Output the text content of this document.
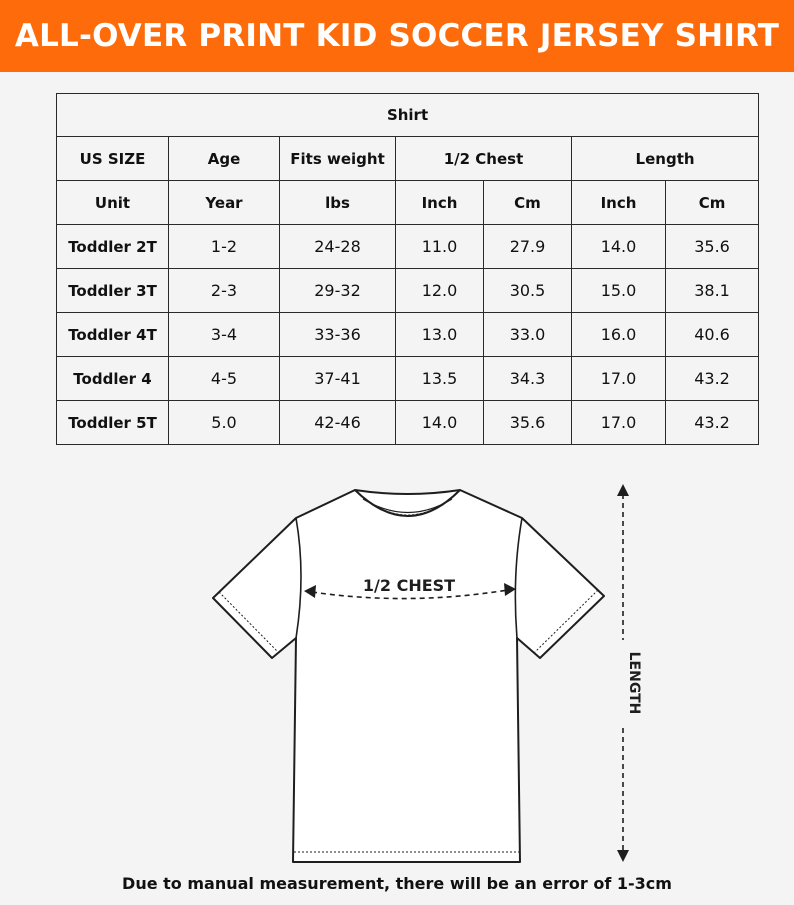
ALL-OVER PRINT KID SOCCER JERSEY SHIRT
Shirt						
US SIZE	Age	Fits weight	1/2 Chest		Length	
Unit	Year	lbs	Inch	Cm	Inch	Cm
Toddler 2T	1-2	24-28	11.0	27.9	14.0	35.6
Toddler 3T	2-3	29-32	12.0	30.5	15.0	38.1
Toddler 4T	3-4	33-36	13.0	33.0	16.0	40.6
Toddler 4	4-5	37-41	13.5	34.3	17.0	43.2
Toddler 5T	5.0	42-46	14.0	35.6	17.0	43.2
1/2 CHEST
LENGTH
Due to manual measurement, there will be an error of 1-3cm
